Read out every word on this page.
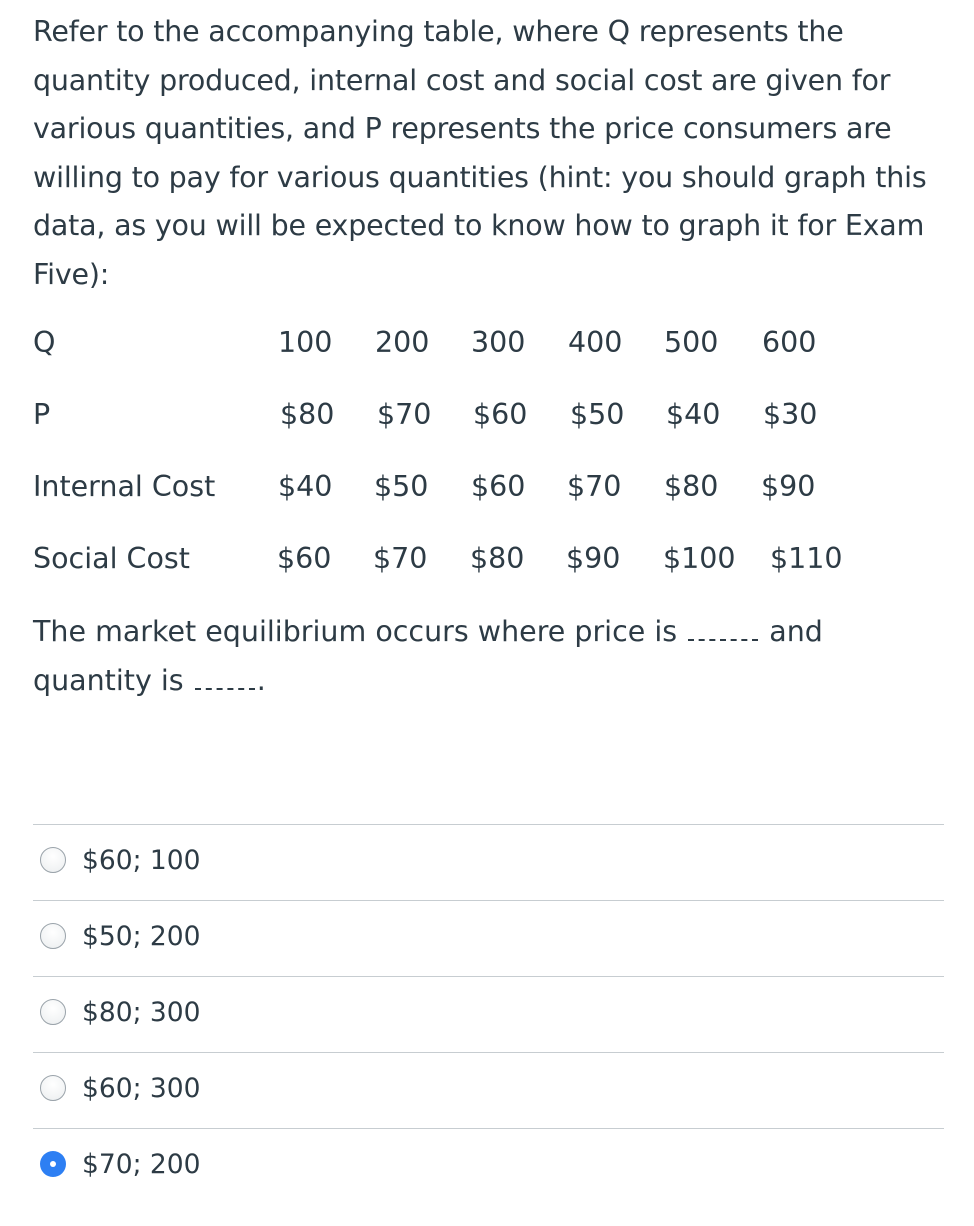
Refer to the accompanying table, where Q represents the quantity produced, internal cost and social cost are given for various quantities, and P represents the price consumers are willing to pay for various quantities (hint: you should graph this data, as you will be expected to know how to graph it for Exam Five):

Q	100 200 300 400 500 600
P	$80 $70 $60 $50 $40 $30
Internal Cost $40 $50 $60 $70 $80 $90
Social Cost	$60 $70 $80 $90 $100 $110

The market equilibrium occurs where price is	and quantity is	.

$60; 100
$50; 200
$80; 300
$60; 300
$70; 200
